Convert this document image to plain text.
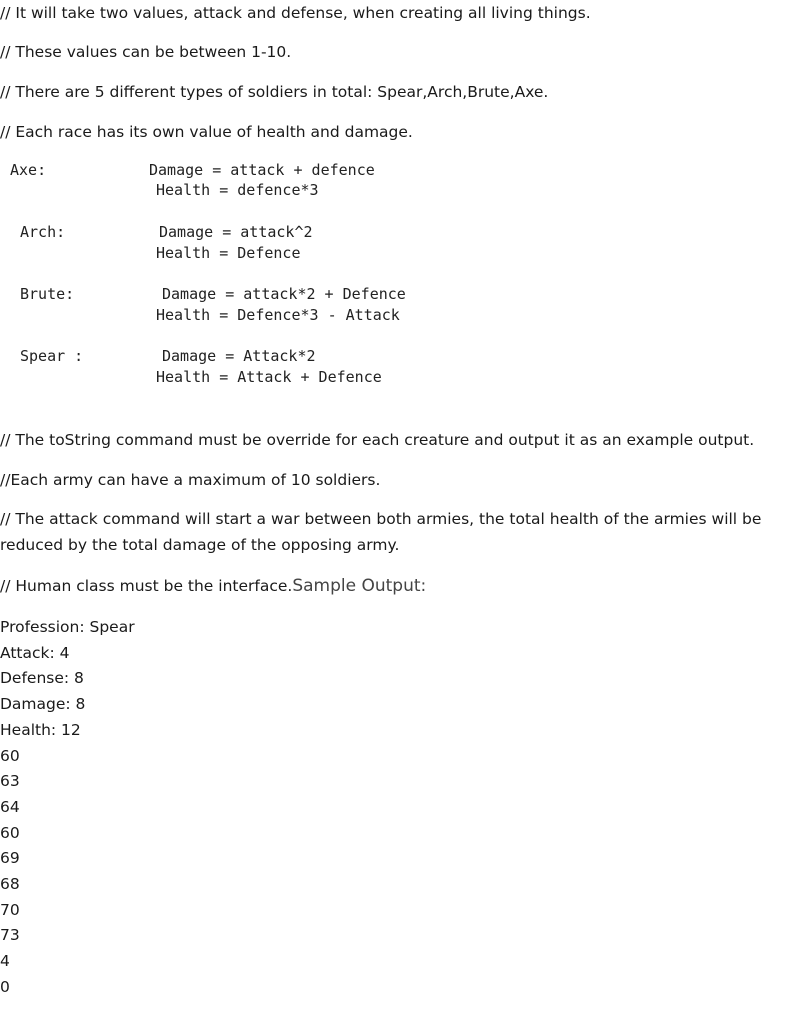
// It will take two values, attack and defense, when creating all living things.
// These values can be between 1-10.
// There are 5 different types of soldiers in total: Spear,Arch,Brute,Axe.
// Each race has its own value of health and damage.
Axe:	Damage = attack + defence
Health = defence*3
Arch:	Damage = attack^2
Health = Defence
Brute:	Damage = attack*2 + Defence
Health = Defence*3 - Attack
Spear :	Damage = Attack*2
Health = Attack + Defence
// The toString command must be override for each creature and output it as an example output.
//Each army can have a maximum of 10 soldiers.
// The attack command will start a war between both armies, the total health of the armies will be reduced by the total damage of the opposing army.
// Human class must be the interface.Sample Output:
Profession: Spear
Attack: 4
Defense: 8
Damage: 8
Health: 12
60
63
64
60
69
68
70
73
4
0
